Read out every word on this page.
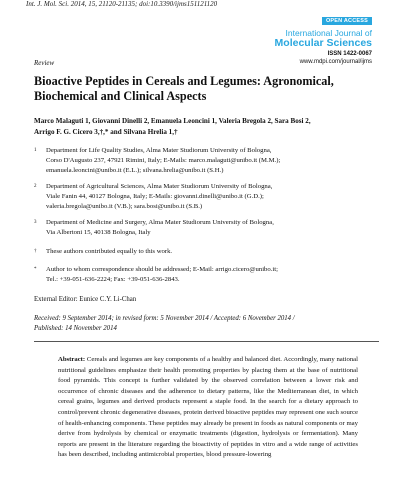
Int. J. Mol. Sci. 2014, 15, 21120-21135; doi:10.3390/ijms151121120
OPEN ACCESS
International Journal of
Molecular Sciences
ISSN 1422-0067
www.mdpi.com/journal/ijms
Review
Bioactive Peptides in Cereals and Legumes: Agronomical, Biochemical and Clinical Aspects
Marco Malaguti 1, Giovanni Dinelli 2, Emanuela Leoncini 1, Valeria Bregola 2, Sara Bosi 2,
Arrigo F. G. Cicero 3,†,* and Silvana Hrelia 1,†
1 Department for Life Quality Studies, Alma Mater Studiorum University of Bologna,
Corso D'Augusto 237, 47921 Rimini, Italy; E-Mails: marco.malaguti@unibo.it (M.M.);
emanuela.leoncini@unibo.it (E.L.); silvana.hrelia@unibo.it (S.H.)
2 Department of Agricultural Sciences, Alma Mater Studiorum University of Bologna,
Viale Fanin 44, 40127 Bologna, Italy; E-Mails: giovanni.dinelli@unibo.it (G.D.);
valeria.bregola@unibo.it (V.B.); sara.bosi@unibo.it (S.B.)
3 Department of Medicine and Surgery, Alma Mater Studiorum University of Bologna,
Via Albertoni 15, 40138 Bologna, Italy
† These authors contributed equally to this work.
* Author to whom correspondence should be addressed; E-Mail: arrigo.cicero@unibo.it;
Tel.: +39-051-636-2224; Fax: +39-051-636-2843.
External Editor: Eunice C.Y. Li-Chan
Received: 9 September 2014; in revised form: 5 November 2014 / Accepted: 6 November 2014 /
Published: 14 November 2014
Abstract: Cereals and legumes are key components of a healthy and balanced diet. Accordingly, many national nutritional guidelines emphasize their health promoting properties by placing them at the base of nutritional food pyramids. This concept is further validated by the observed correlation between a lower risk and occurrence of chronic diseases and the adherence to dietary patterns, like the Mediterranean diet, in which cereal grains, legumes and derived products represent a staple food. In the search for a dietary approach to control/prevent chronic degenerative diseases, protein derived bioactive peptides may represent one such source of health-enhancing components. These peptides may already be present in foods as natural components or may derive from hydrolysis by chemical or enzymatic treatments (digestion, hydrolysis or fermentation). Many reports are present in the literature regarding the bioactivity of peptides in vitro and a wide range of activities has been described, including antimicrobial properties, blood pressure-lowering
